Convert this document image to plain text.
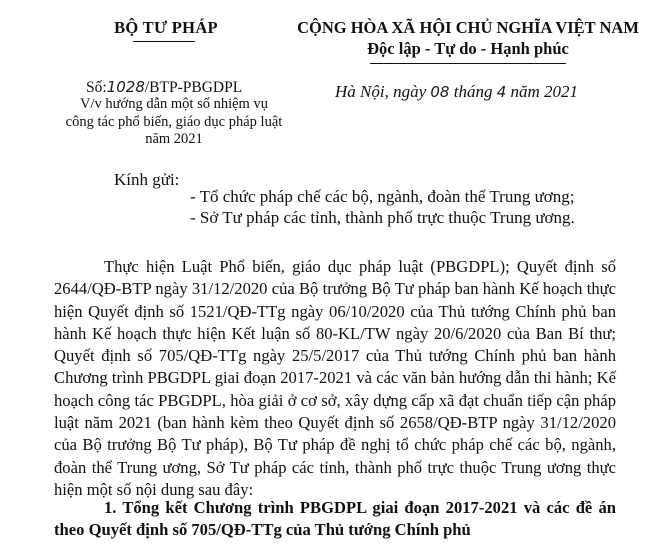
BỘ TƯ PHÁP
Số:1028/BTP-PBGDPL
V/v hướng dẫn một số nhiệm vụ
công tác phổ biến, giáo dục pháp luật
năm 2021
CỘNG HÒA XÃ HỘI CHỦ NGHĨA VIỆT NAM
Độc lập - Tự do - Hạnh phúc
Hà Nội, ngày 08 tháng 4 năm 2021
Kính gửi:
- Tổ chức pháp chế các bộ, ngành, đoàn thể Trung ương;
- Sở Tư pháp các tỉnh, thành phố trực thuộc Trung ương.
Thực hiện Luật Phổ biến, giáo dục pháp luật (PBGDPL); Quyết định số
2644/QĐ-BTP ngày 31/12/2020 của Bộ trưởng Bộ Tư pháp ban hành Kế hoạch thực
hiện Quyết định số 1521/QĐ-TTg ngày 06/10/2020 của Thủ tướng Chính phủ ban
hành Kế hoạch thực hiện Kết luận số 80-KL/TW ngày 20/6/2020 của Ban Bí thư;
Quyết định số 705/QĐ-TTg ngày 25/5/2017 của Thủ tướng Chính phủ ban hành
Chương trình PBGDPL giai đoạn 2017-2021 và các văn bản hướng dẫn thi hành; Kế
hoạch công tác PBGDPL, hòa giải ở cơ sở, xây dựng cấp xã đạt chuẩn tiếp cận pháp
luật năm 2021 (ban hành kèm theo Quyết định số 2658/QĐ-BTP ngày 31/12/2020
của Bộ trưởng Bộ Tư pháp), Bộ Tư pháp đề nghị tổ chức pháp chế các bộ, ngành,
đoàn thể Trung ương, Sở Tư pháp các tỉnh, thành phố trực thuộc Trung ương thực
hiện một số nội dung sau đây:
1. Tổng kết Chương trình PBGDPL giai đoạn 2017-2021 và các đề án
theo Quyết định số 705/QĐ-TTg của Thủ tướng Chính phủ
